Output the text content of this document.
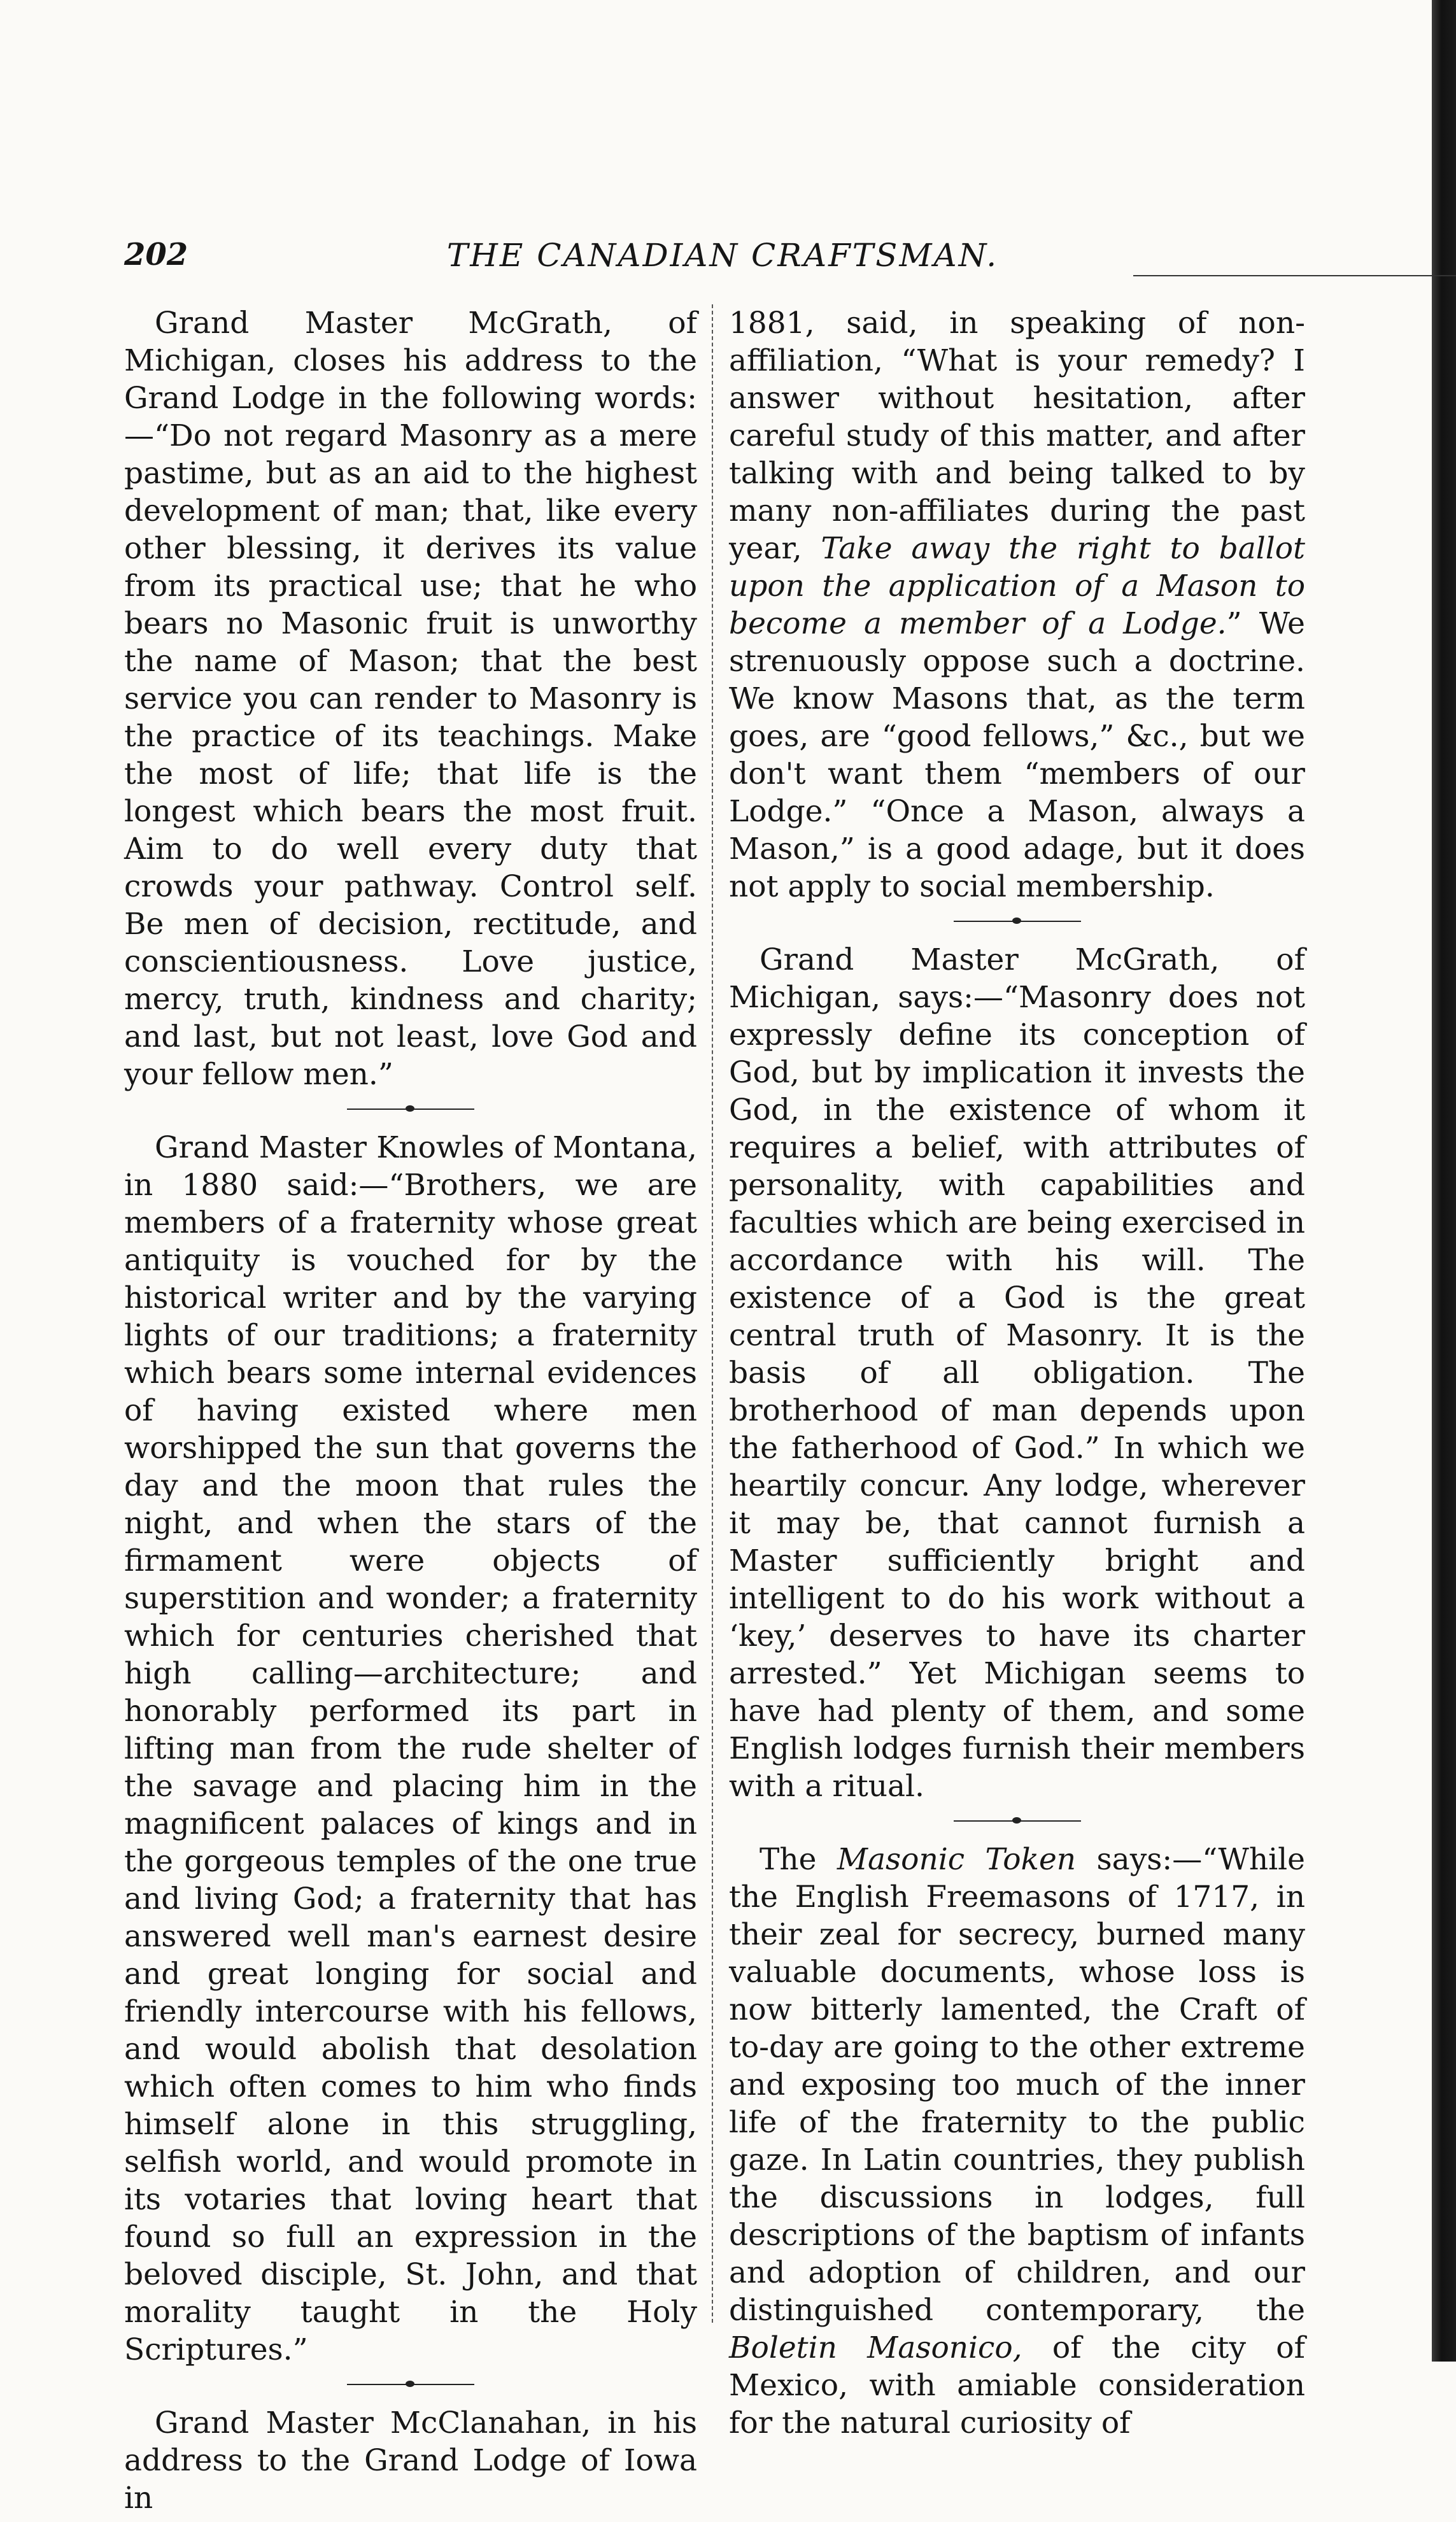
202	THE CANADIAN CRAFTSMAN.

Grand Master McGrath, of Michigan, closes his address to the Grand Lodge in the following words:—“Do not regard Masonry as a mere pastime, but as an aid to the highest development of man; that, like every other blessing, it derives its value from its practical use; that he who bears no Masonic fruit is unworthy the name of Mason; that the best service you can render to Masonry is the practice of its teachings. Make the most of life; that life is the longest which bears the most fruit. Aim to do well every duty that crowds your pathway. Control self. Be men of decision, rectitude, and conscientiousness. Love justice, mercy, truth, kindness and charity; and last, but not least, love God and your fellow men.”

Grand Master Knowles of Montana, in 1880 said:—“Brothers, we are members of a fraternity whose great antiquity is vouched for by the historical writer and by the varying lights of our traditions; a fraternity which bears some internal evidences of having existed where men worshipped the sun that governs the day and the moon that rules the night, and when the stars of the firmament were objects of superstition and wonder; a fraternity which for centuries cherished that high calling—architecture; and honorably performed its part in lifting man from the rude shelter of the savage and placing him in the magnificent palaces of kings and in the gorgeous temples of the one true and living God; a fraternity that has answered well man's earnest desire and great longing for social and friendly intercourse with his fellows, and would abolish that desolation which often comes to him who finds himself alone in this struggling, selfish world, and would promote in its votaries that loving heart that found so full an expression in the beloved disciple, St. John, and that morality taught in the Holy Scriptures.”

Grand Master McClanahan, in his address to the Grand Lodge of Iowa in

1881, said, in speaking of non-affiliation, “What is your remedy? I answer without hesitation, after careful study of this matter, and after talking with and being talked to by many non-affiliates during the past year, Take away the right to ballot upon the application of a Mason to become a member of a Lodge.” We strenuously oppose such a doctrine. We know Masons that, as the term goes, are “good fellows,” &c., but we don't want them “members of our Lodge.” “Once a Mason, always a Mason,” is a good adage, but it does not apply to social membership.

Grand Master McGrath, of Michigan, says:—“Masonry does not expressly define its conception of God, but by implication it invests the God, in the existence of whom it requires a belief, with attributes of personality, with capabilities and faculties which are being exercised in accordance with his will. The existence of a God is the great central truth of Masonry. It is the basis of all obligation. The brotherhood of man depends upon the fatherhood of God.” In which we heartily concur. Any lodge, wherever it may be, that cannot furnish a Master sufficiently bright and intelligent to do his work without a ‘key,’ deserves to have its charter arrested.” Yet Michigan seems to have had plenty of them, and some English lodges furnish their members with a ritual.

The Masonic Token says:—“While the English Freemasons of 1717, in their zeal for secrecy, burned many valuable documents, whose loss is now bitterly lamented, the Craft of to-day are going to the other extreme and exposing too much of the inner life of the fraternity to the public gaze. In Latin countries, they publish the discussions in lodges, full descriptions of the baptism of infants and adoption of children, and our distinguished contemporary, the Boletin Masonico, of the city of Mexico, with amiable consideration for the natural curiosity of
